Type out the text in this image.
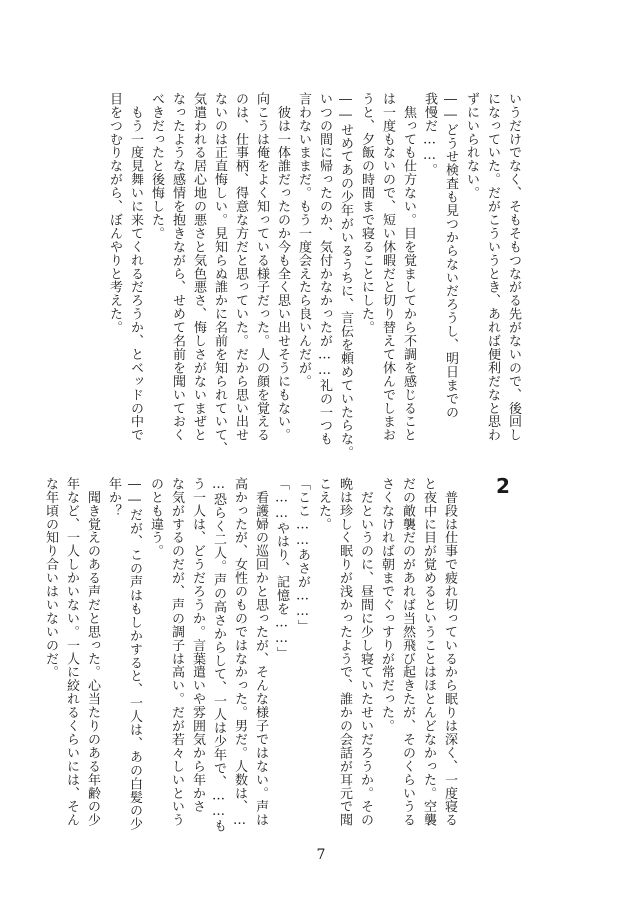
いうだけでなく、そもそもつながる先がないので、後回し
になっていた。だがこういうとき、あれば便利だなと思わ
ずにいられない。
――どうせ検査も見つからないだろうし、明日までの
我慢だ……。
　焦っても仕方ない。目を覚ましてから不調を感じること
は一度もないので、短い休暇だと切り替えて休んでしまお
うと、夕飯の時間まで寝ることにした。
――せめてあの少年がいるうちに、言伝を頼めていたらな。
いつの間に帰ったのか、気付かなかったが……礼の一つも
言わないままだ。もう一度会えたら良いんだが。
　彼は一体誰だったのか今も全く思い出せそうにもない。
向こうは俺をよく知っている様子だった。人の顔を覚える
のは、仕事柄、得意な方だと思っていた。だから思い出せ
ないのは正直悔しい。見知らぬ誰かに名前を知られていて、
気遣われる居心地の悪さと気色悪さ、悔しさがないまぜと
なったような感情を抱きながら、せめて名前を聞いておく
べきだったと後悔した。
　もう一度見舞いに来てくれるだろうか、とベッドの中で
目をつむりながら、ぼんやりと考えた。
2
　普段は仕事で疲れ切っているから眠りは深く、一度寝る
と夜中に目が覚めるということはほとんどなかった。空襲
だの敵襲だのがあれば当然飛び起きたが、そのくらいうる
さくなければ朝までぐっすりが常だった。
　だというのに、昼間に少し寝ていたせいだろうか。その
晩は珍しく眠りが浅かったようで、誰かの会話が耳元で聞
こえた。
「ここ……あさが……」
「……やはり、記憶を……」
　看護婦の巡回かと思ったが、そんな様子ではない。声は
高かったが、女性のものではなかった。男だ。人数は、…
…恐らく二人。声の高さからして、一人は少年で、……も
う一人は、どうだろうか。言葉遣いや雰囲気から年かさ
な気がするのだが、声の調子は高い。だが若々しいという
のとも違う。
――だが、この声はもしかすると、一人は、あの白髪の少
年か？
　聞き覚えのある声だと思った。心当たりのある年齢の少
年など、一人しかいない。一人に絞れるくらいには、そん
な年頃の知り合いはいないのだ。
7
